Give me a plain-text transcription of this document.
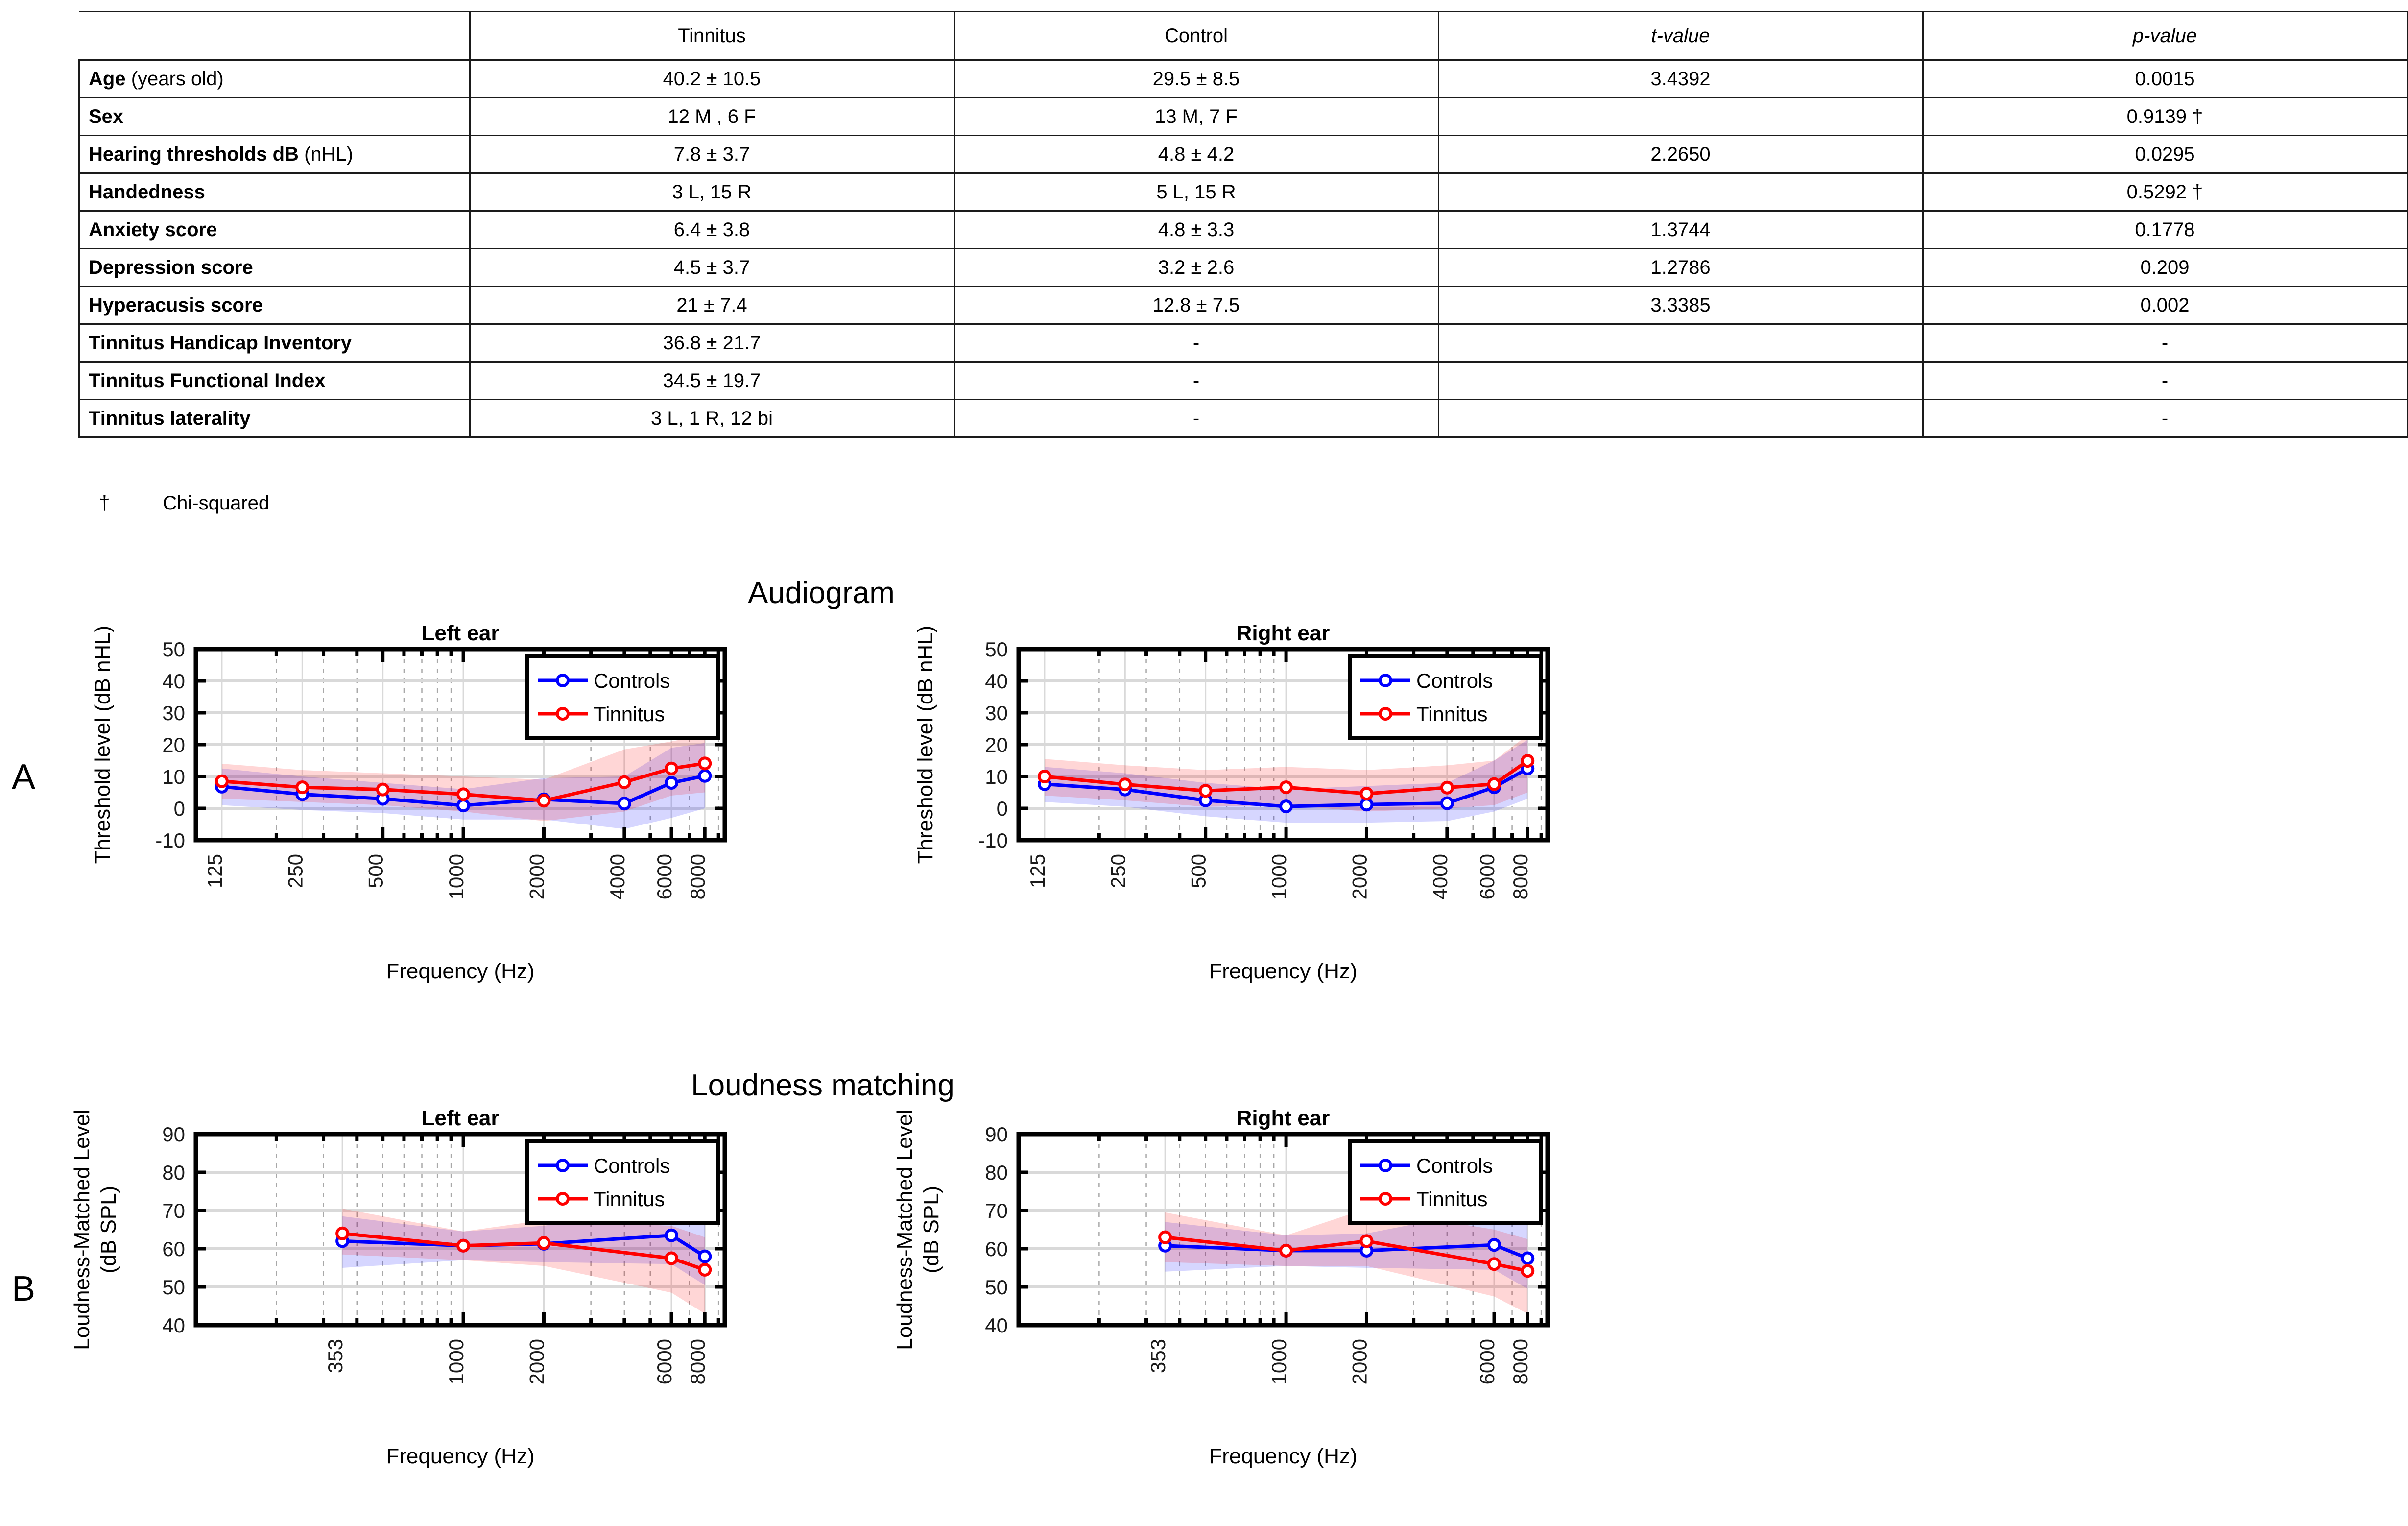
	Tinnitus	Control	t-value	p-value
Age (years old)	40.2 ± 10.5	29.5 ± 8.5	3.4392	0.0015
Sex	12 M , 6 F	13 M, 7 F		0.9139 †
Hearing thresholds dB (nHL)	7.8 ± 3.7	4.8 ± 4.2	2.2650	0.0295
Handedness	3 L, 15 R	5 L, 15 R		0.5292 †
Anxiety score	6.4 ± 3.8	4.8 ± 3.3	1.3744	0.1778
Depression score	4.5 ± 3.7	3.2 ± 2.6	1.2786	0.209
Hyperacusis score	21 ± 7.4	12.8 ± 7.5	3.3385	0.002
Tinnitus Handicap Inventory	36.8 ± 21.7	-		-
Tinnitus Functional Index	34.5 ± 19.7	-		-
Tinnitus laterality	3 L, 1 R, 12 bi	-		-

†	Chi-squared

Audiogram
A
Left ear
-10
0
10
20
30
40
50
125	250	500	1000	2000	4000 6000 8000
Frequency (Hz)
Threshold level (dB nHL)	Controls
Tinnitus
Right ear
-10
0
10
20
30
40
50
125	250	500	1000	2000	4000 6000 8000
Frequency (Hz)
Threshold level (dB nHL)	Controls
Tinnitus
Loudness matching
B
Left ear
40
50
60
70
80
90
353	1000	2000	6000 8000
Frequency (Hz)
Loudness-Matched Level (dB SPL)
Controls
Tinnitus
Right ear
40
50
60
70
80
90
353	1000	2000	6000 8000
Frequency (Hz)
Loudness-Matched Level (dB SPL)
Controls
Tinnitus
